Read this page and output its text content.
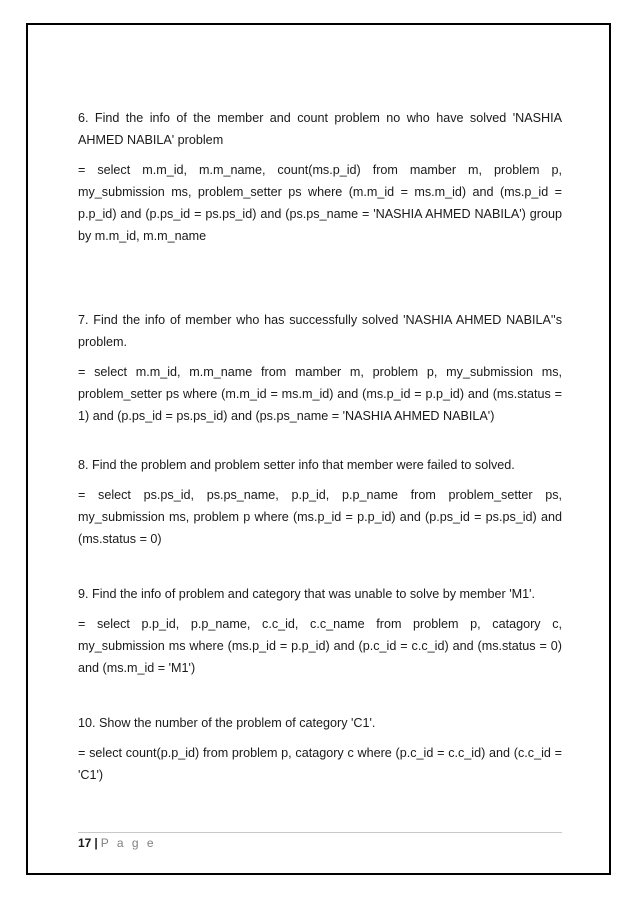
6. Find the info of the member and count problem no who have solved 'NASHIA AHMED NABILA' problem

= select m.m_id, m.m_name, count(ms.p_id) from mamber m, problem p, my_submission ms, problem_setter ps where (m.m_id = ms.m_id) and (ms.p_id = p.p_id) and (p.ps_id = ps.ps_id) and (ps.ps_name = 'NASHIA AHMED NABILA') group by m.m_id, m.m_name

7. Find the info of member who has successfully solved 'NASHIA AHMED NABILA''s problem.

= select m.m_id, m.m_name from mamber m, problem p, my_submission ms, problem_setter ps where (m.m_id = ms.m_id) and (ms.p_id = p.p_id) and (ms.status = 1) and (p.ps_id = ps.ps_id) and (ps.ps_name = 'NASHIA AHMED NABILA')

8. Find the problem and problem setter info that member were failed to solved.

= select ps.ps_id, ps.ps_name, p.p_id, p.p_name from problem_setter ps, my_submission ms, problem p where (ms.p_id = p.p_id) and (p.ps_id = ps.ps_id) and (ms.status = 0)

9. Find the info of problem and category that was unable to solve by member 'M1'.

= select p.p_id, p.p_name, c.c_id, c.c_name from problem p, catagory c, my_submission ms where (ms.p_id = p.p_id) and (p.c_id = c.c_id) and (ms.status = 0) and (ms.m_id = 'M1')

10. Show the number of the problem of category 'C1'.

= select count(p.p_id) from problem p, catagory c where (p.c_id = c.c_id) and (c.c_id = 'C1')

17 | P a g e
